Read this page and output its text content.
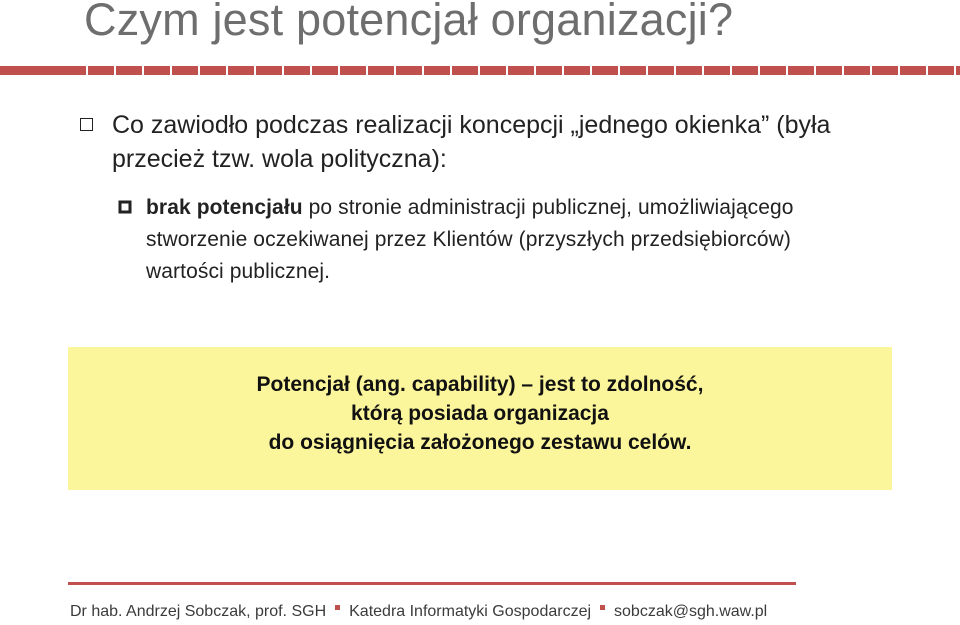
Czym jest potencjał organizacji?
Co zawiodło podczas realizacji koncepcji „jednego okienka” (była przecież tzw. wola polityczna):
brak potencjału po stronie administracji publicznej, umożliwiającego stworzenie oczekiwanej przez Klientów (przyszłych przedsiębiorców) wartości publicznej.
Potencjał (ang. capability) – jest to zdolność,
którą posiada organizacja
do osiągnięcia założonego zestawu celów.
Dr hab. Andrzej Sobczak, prof. SGH Katedra Informatyki Gospodarczej sobczak@sgh.waw.pl
